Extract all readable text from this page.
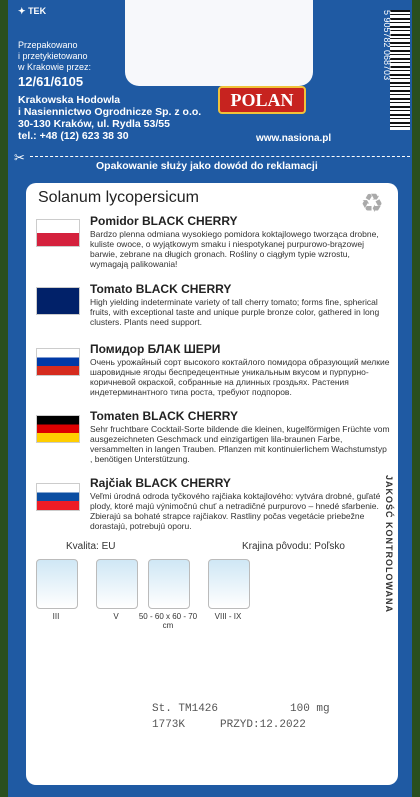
✦ TEK
Przepakowano
i przetykietowano
w Krakowie przez:
12/61/6105
POLAN
Krakowska Hodowla
i Nasiennictwo Ogrodnicze Sp. z o.o.
30-130 Kraków, ul. Rydla 53/55
tel.: +48 (12) 623 38 30	www.nasiona.pl
✂
Opakowanie służy jako dowód do reklamacji
5 905782 068703
Solanum lycopersicum	♻
Pomidor BLACK CHERRY
Bardzo plenna odmiana wysokiego pomidora koktajlowego tworząca drobne, kuliste owoce, o wyjątkowym smaku i niespotykanej purpurowo-brązowej barwie, zebrane na długich gronach. Rośliny o ciągłym typie wzrostu, wymagają palikowania!
Tomato BLACK CHERRY
High yielding indeterminate variety of tall cherry tomato; forms fine, spherical fruits, with exceptional taste and unique purple bronze color, gathered in long clusters. Plants need support.
Помидор БЛАК ШЕРИ
Очень урожайный сорт высокого коктайлого помидора образующий мелкие шаровидные ягоды беспредецентные уникальным вкусом и пурпурно-коричневой окраской, собранные на длинных гроздьях. Растения индетерминантного типа роста, требуют подпоров.
Tomaten BLACK CHERRY
Sehr fruchtbare Cocktail-Sorte bildende die kleinen, kugelförmigen Früchte vom ausgezeichneten Geschmack und einzigartigen lila-braunen Farbe, versammelten in langen Trauben. Pflanzen mit kontinuierlichem Wachstumstyp , benötigen Unterstützung.
Rajčiak BLACK CHERRY
Veľmi úrodná odroda tyčkového rajčiaka koktajlového: vytvára drobné, guľaté plody, ktoré majú výnimočnú chuť a netradičné purpurovo – hnedé sfarbenie. Zbierajú sa bohaté strapce rajčiakov. Rastliny počas vegetácie priebežne dorastajú, potrebujú oporu.
Kvalita: EU	Krajina pôvodu: Poľsko
III	V	50 - 60 x 60 - 70 cm
VIII - IX
JAKOŚĆ KONTROLOWANA
St. TM1426	100 mg
1773K	PRZYD:12.2022
